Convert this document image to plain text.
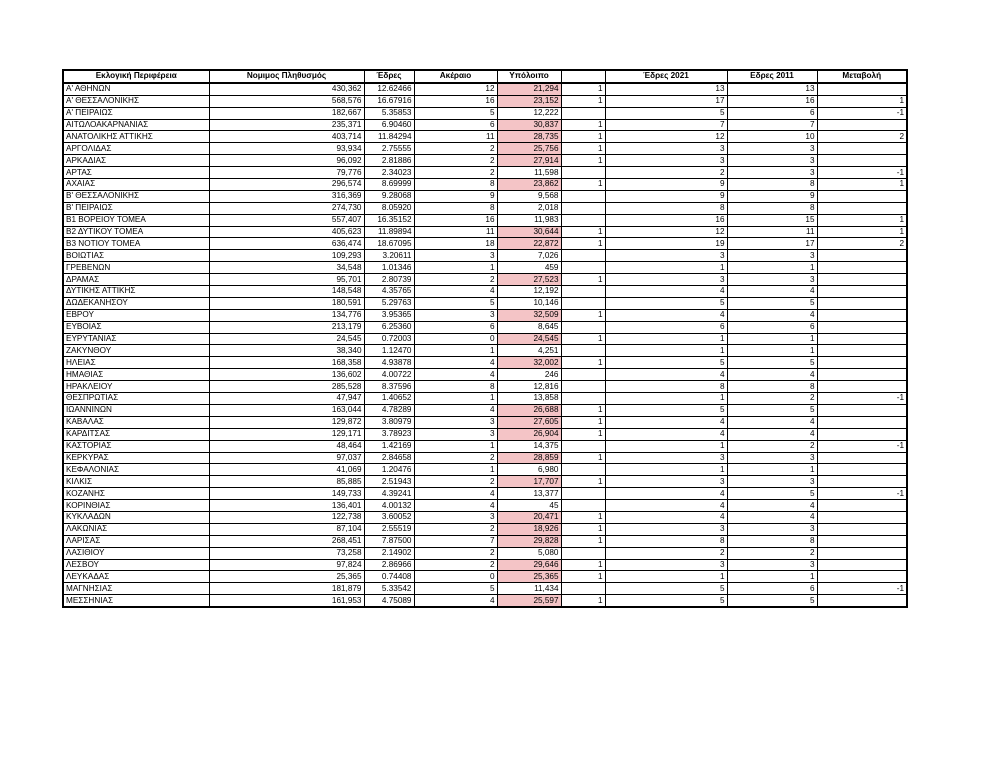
Εκλογική Περιφέρεια	Νομιμος Πληθυσμός	Έδρες	Ακέραιο	Υπόλοιπο		Έδρες 2021	Εδρες 2011	Μεταβολή
Α' ΑΘΗΝΩΝ	430,362	12.62466	12	21,294	1	13	13	
Α' ΘΕΣΣΑΛΟΝΙΚΗΣ	568,576	16.67916	16	23,152	1	17	16	1
Α' ΠΕΙΡΑΙΩΣ	182,667	5.35853	5	12,222		5	6	-1
ΑΙΤΩΛΟΑΚΑΡΝΑΝΙΑΣ	235,371	6.90460	6	30,837	1	7	7	
ΑΝΑΤΟΛΙΚΗΣ ΑΤΤΙΚΗΣ	403,714	11.84294	11	28,735	1	12	10	2
ΑΡΓΟΛΙΔΑΣ	93,934	2.75555	2	25,756	1	3	3	
ΑΡΚΑΔΙΑΣ	96,092	2.81886	2	27,914	1	3	3	
ΑΡΤΑΣ	79,776	2.34023	2	11,598		2	3	-1
ΑΧΑΙΑΣ	296,574	8.69999	8	23,862	1	9	8	1
Β' ΘΕΣΣΑΛΟΝΙΚΗΣ	316,369	9.28068	9	9,568		9	9	
Β' ΠΕΙΡΑΙΩΣ	274,730	8.05920	8	2,018		8	8	
Β1 ΒΟΡΕΙΟΥ ΤΟΜΕΑ	557,407	16.35152	16	11,983		16	15	1
Β2 ΔΥΤΙΚΟΥ ΤΟΜΕΑ	405,623	11.89894	11	30,644	1	12	11	1
Β3 ΝΟΤΙΟΥ ΤΟΜΕΑ	636,474	18.67095	18	22,872	1	19	17	2
ΒΟΙΩΤΙΑΣ	109,293	3.20611	3	7,026		3	3	
ΓΡΕΒΕΝΩΝ	34,548	1.01346	1	459		1	1	
ΔΡΑΜΑΣ	95,701	2.80739	2	27,523	1	3	3	
ΔΥΤΙΚΗΣ ΑΤΤΙΚΗΣ	148,548	4.35765	4	12,192		4	4	
ΔΩΔΕΚΑΝΗΣΟΥ	180,591	5.29763	5	10,146		5	5	
ΕΒΡΟΥ	134,776	3.95365	3	32,509	1	4	4	
ΕΥΒΟΙΑΣ	213,179	6.25360	6	8,645		6	6	
ΕΥΡΥΤΑΝΙΑΣ	24,545	0.72003	0	24,545	1	1	1	
ΖΑΚΥΝΘΟΥ	38,340	1.12470	1	4,251		1	1	
ΗΛΕΙΑΣ	168,358	4.93878	4	32,002	1	5	5	
ΗΜΑΘΙΑΣ	136,602	4.00722	4	246		4	4	
ΗΡΑΚΛΕΙΟΥ	285,528	8.37596	8	12,816		8	8	
ΘΕΣΠΡΩΤΙΑΣ	47,947	1.40652	1	13,858		1	2	-1
ΙΩΑΝΝΙΝΩΝ	163,044	4.78289	4	26,688	1	5	5	
ΚΑΒΑΛΑΣ	129,872	3.80979	3	27,605	1	4	4	
ΚΑΡΔΙΤΣΑΣ	129,171	3.78923	3	26,904	1	4	4	
ΚΑΣΤΟΡΙΑΣ	48,464	1.42169	1	14,375		1	2	-1
ΚΕΡΚΥΡΑΣ	97,037	2.84658	2	28,859	1	3	3	
ΚΕΦΑΛΟΝΙΑΣ	41,069	1.20476	1	6,980		1	1	
ΚΙΛΚΙΣ	85,885	2.51943	2	17,707	1	3	3	
ΚΟΖΑΝΗΣ	149,733	4.39241	4	13,377		4	5	-1
ΚΟΡΙΝΘΙΑΣ	136,401	4.00132	4	45		4	4	
ΚΥΚΛΑΔΩΝ	122,738	3.60052	3	20,471	1	4	4	
ΛΑΚΩΝΙΑΣ	87,104	2.55519	2	18,926	1	3	3	
ΛΑΡΙΣΑΣ	268,451	7.87500	7	29,828	1	8	8	
ΛΑΣΙΘΙΟΥ	73,258	2.14902	2	5,080		2	2	
ΛΕΣΒΟΥ	97,824	2.86966	2	29,646	1	3	3	
ΛΕΥΚΑΔΑΣ	25,365	0.74408	0	25,365	1	1	1	
ΜΑΓΝΗΣΙΑΣ	181,879	5.33542	5	11,434		5	6	-1
ΜΕΣΣΗΝΙΑΣ	161,953	4.75089	4	25,597	1	5	5	
